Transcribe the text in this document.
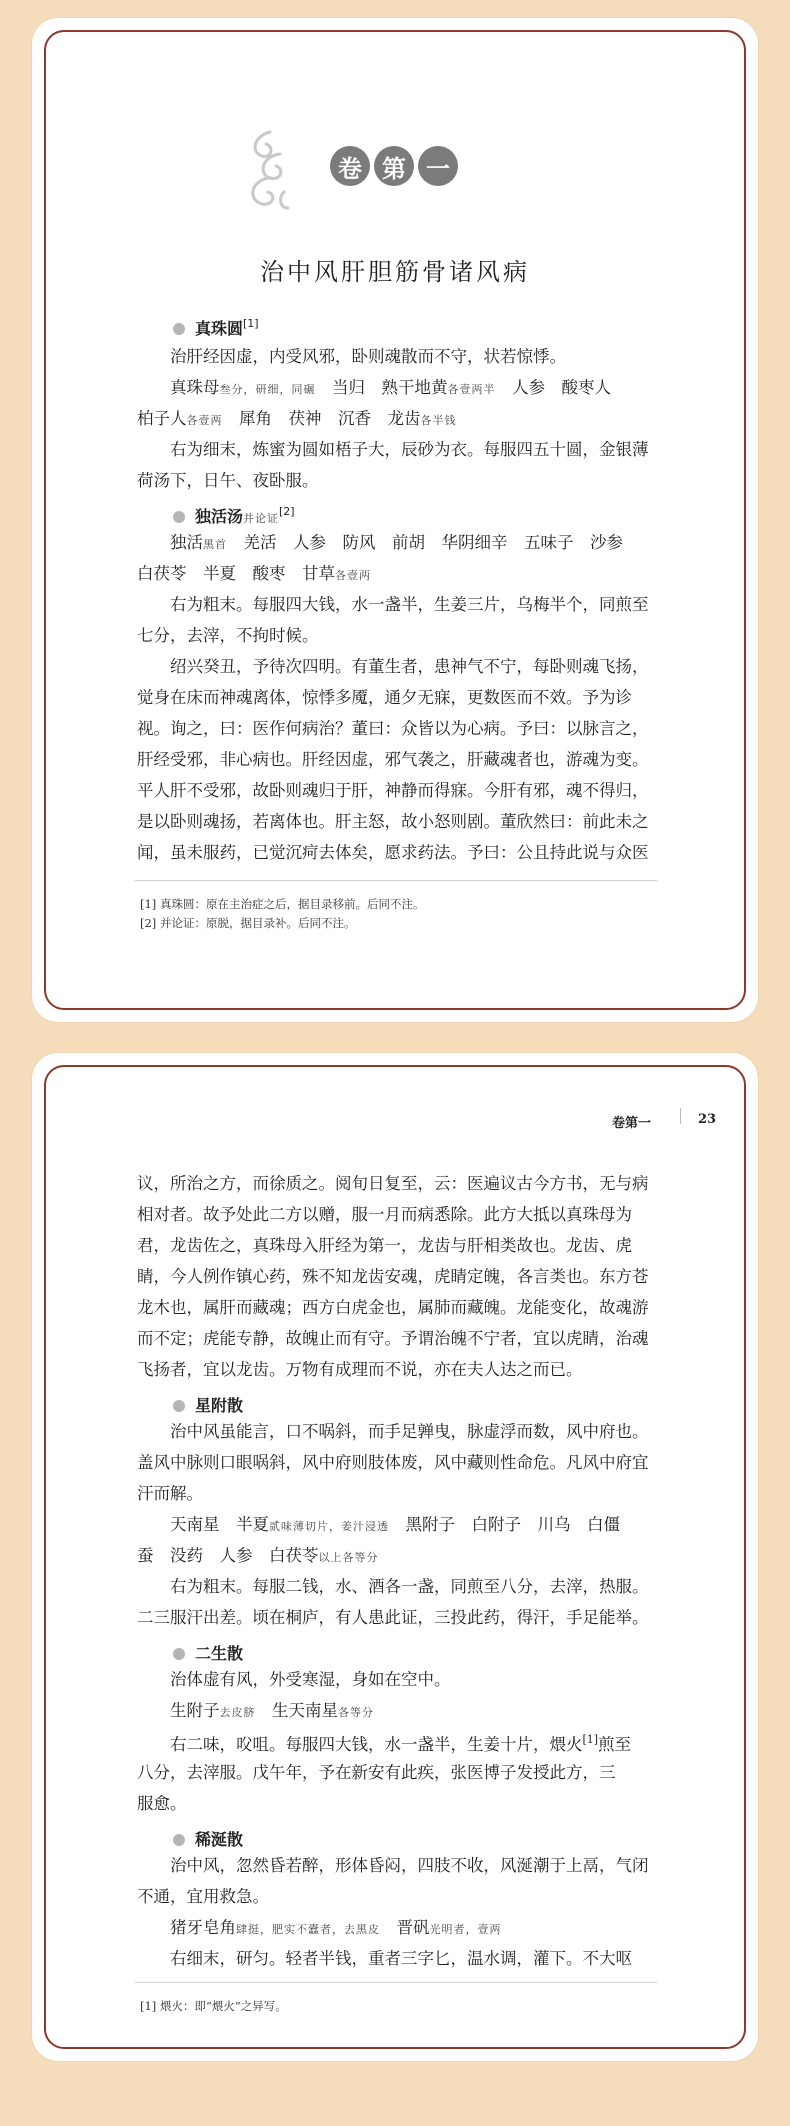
卷 第 一
治中风肝胆筋骨诸风病
真珠圆[1]
治肝经因虚，内受风邪，卧则魂散而不守，状若惊悸。
真珠母叁分，研细，同碾　 当归　 熟干地黄各壹两半　 人参　 酸枣人
柏子人各壹两　 犀角　 茯神　 沉香　 龙齿各半钱
右为细末，炼蜜为圆如梧子大，辰砂为衣。每服四五十圆，金银薄
荷汤下，日午、夜卧服。
独活汤并论证[2]
独活黑首　 羌活　 人参　 防风　 前胡　 华阴细辛　 五味子　 沙参
白茯苓　 半夏　 酸枣　 甘草各壹两
右为粗末。每服四大钱，水一盏半，生姜三片，乌梅半个，同煎至
七分，去滓，不拘时候。
绍兴癸丑，予待次四明。有董生者，患神气不宁，每卧则魂飞扬，
觉身在床而神魂离体，惊悸多魇，通夕无寐，更数医而不效。予为诊
视。询之，曰：医作何病治？董曰：众皆以为心病。予曰：以脉言之，
肝经受邪，非心病也。肝经因虚，邪气袭之，肝藏魂者也，游魂为变。
平人肝不受邪，故卧则魂归于肝，神静而得寐。今肝有邪，魂不得归，
是以卧则魂扬，若离体也。肝主怒，故小怒则剧。董欣然曰：前此未之
闻，虽未服药，已觉沉疴去体矣，愿求药法。予曰：公且持此说与众医
[1] 真珠圆：原在主治症之后，据目录移前。后同不注。
[2] 并论证：原脱，据目录补。后同不注。
卷第一	23
议，所治之方，而徐质之。阅旬日复至，云：医遍议古今方书，无与病
相对者。故予处此二方以赠，服一月而病悉除。此方大抵以真珠母为
君，龙齿佐之，真珠母入肝经为第一，龙齿与肝相类故也。龙齿、虎
睛，今人例作镇心药，殊不知龙齿安魂，虎睛定魄，各言类也。东方苍
龙木也，属肝而藏魂；西方白虎金也，属肺而藏魄。龙能变化，故魂游
而不定；虎能专静，故魄止而有守。予谓治魄不宁者，宜以虎睛，治魂
飞扬者，宜以龙齿。万物有成理而不说，亦在夫人达之而已。
星附散
治中风虽能言，口不㖞斜，而手足亸曳，脉虚浮而数，风中府也。
盖风中脉则口眼㖞斜，风中府则肢体废，风中藏则性命危。凡风中府宜
汗而解。
天南星　 半夏贰味薄切片，姜汁浸透　 黑附子　 白附子　 川乌　 白僵
蚕　 没药　 人参　 白茯苓以上各等分
右为粗末。每服二钱，水、酒各一盏，同煎至八分，去滓，热服。
二三服汗出差。顷在桐庐，有人患此证，三投此药，得汗，手足能举。
二生散
治体虚有风，外受寒湿，身如在空中。
生附子去皮脐　 生天南星各等分
右二味，㕮咀。每服四大钱，水一盏半，生姜十片，煨火[1]煎至
八分，去滓服。戊午年，予在新安有此疾，张医博子发授此方，三
服愈。
稀涎散
治中风，忽然昏若醉，形体昏闷，四肢不收，风涎潮于上鬲，气闭
不通，宜用救急。
猪牙皂角肆挺，肥实不蠹者，去黑皮　 晋矾光明者，壹两
右细末，研匀。轻者半钱，重者三字匕，温水调，灌下。不大呕
[1] 煨火：即“煨火”之异写。
